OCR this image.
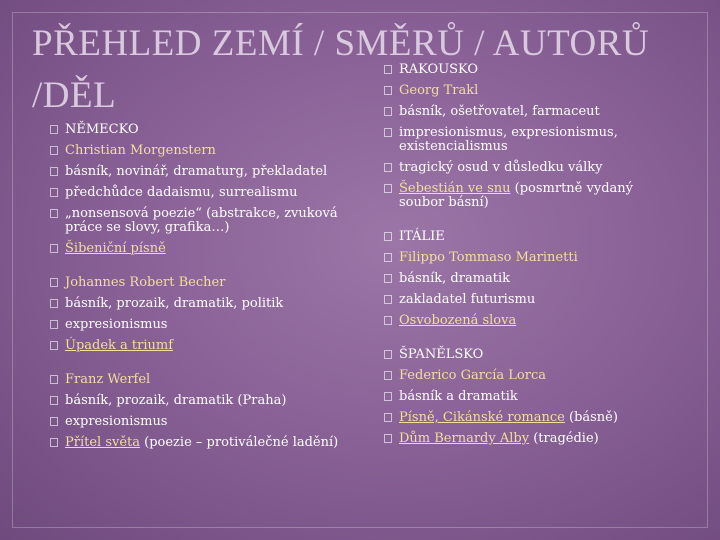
PŘEHLED ZEMÍ / SMĚRŮ / AUTORŮ
/DĚL
NĚMECKO
Christian Morgenstern
básník, novinář, dramaturg, překladatel
předchůdce dadaismu, surrealismu
„nonsensová poezie“ (abstrakce, zvuková práce se slovy, grafika…)
Šibeniční písně
Johannes Robert Becher
básník, prozaik, dramatik, politik
expresionismus
Úpadek a triumf
Franz Werfel
básník, prozaik, dramatik (Praha)
expresionismus
Přítel světa (poezie – protiválečné ladění)
RAKOUSKO
Georg Trakl
básník, ošetřovatel, farmaceut
impresionismus, expresionismus, existencialismus
tragický osud v důsledku války
Šebestián ve snu (posmrtně vydaný soubor básní)
ITÁLIE
Filippo Tommaso Marinetti
básník, dramatik
zakladatel futurismu
Osvobozená slova
ŠPANĚLSKO
Federico García Lorca
básník a dramatik
Písně, Cikánské romance (básně)
Dům Bernardy Alby (tragédie)
